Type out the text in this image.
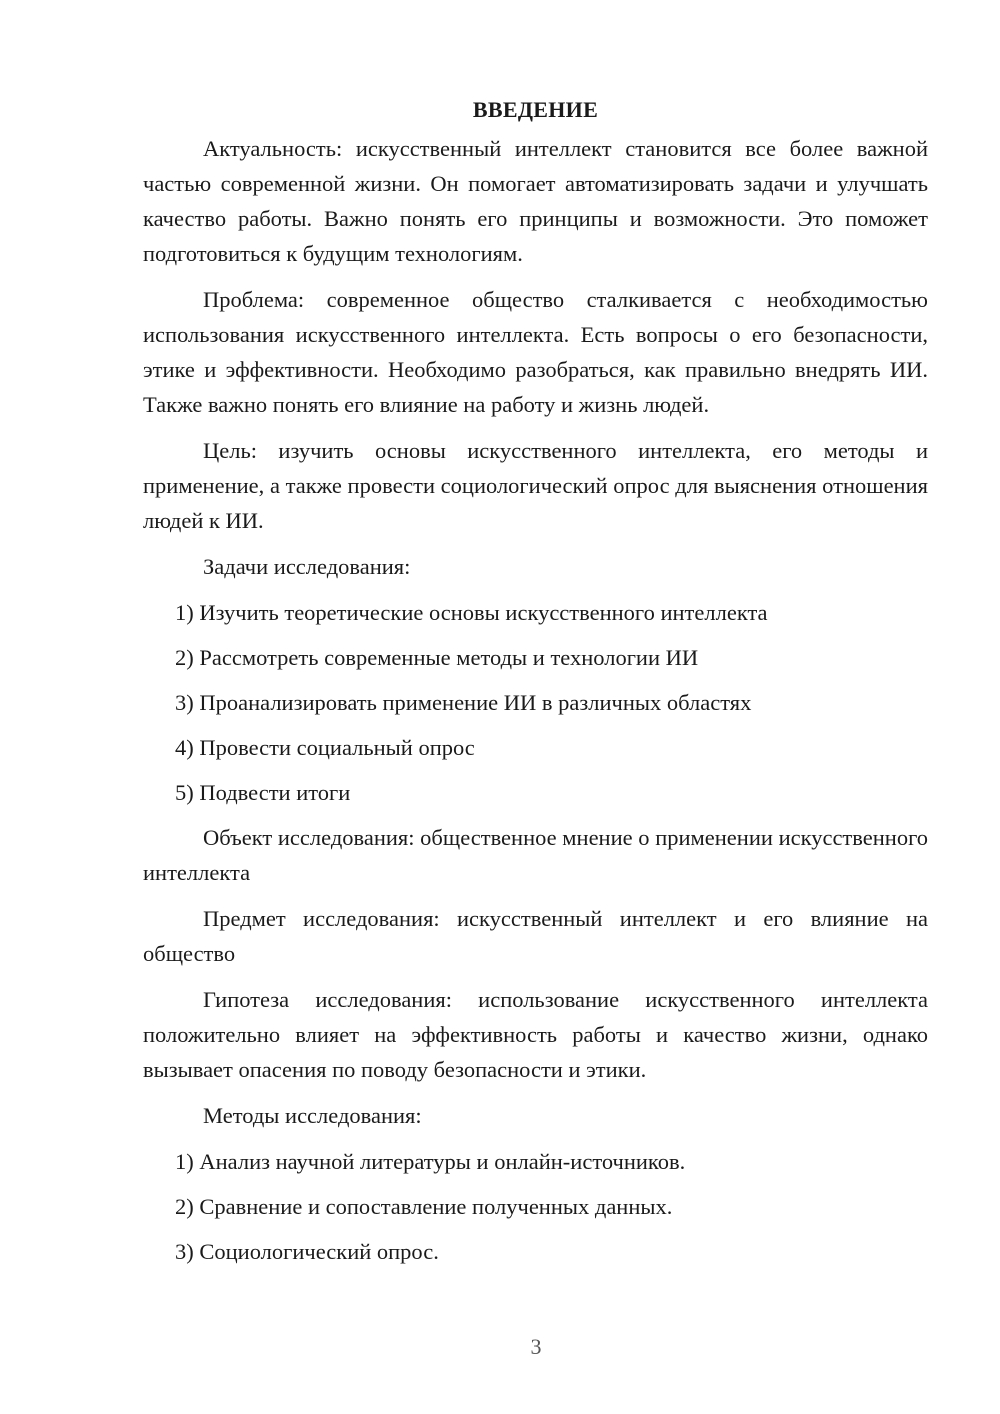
ВВЕДЕНИЕ

Актуальность: искусственный интеллект становится все более важной частью современной жизни. Он помогает автоматизировать задачи и улучшать качество работы. Важно понять его принципы и возможности. Это поможет подготовиться к будущим технологиям.

Проблема: современное общество сталкивается с необходимостью использования искусственного интеллекта. Есть вопросы о его безопасности, этике и эффективности. Необходимо разобраться, как правильно внедрять ИИ. Также важно понять его влияние на работу и жизнь людей.

Цель: изучить основы искусственного интеллекта, его методы и применение, а также провести социологический опрос для выяснения отношения людей к ИИ.

Задачи исследования:

1) Изучить теоретические основы искусственного интеллекта
2) Рассмотреть современные методы и технологии ИИ
3) Проанализировать применение ИИ в различных областях
4) Провести социальный опрос
5) Подвести итоги

Объект исследования: общественное мнение о применении искусственного интеллекта

Предмет исследования: искусственный интеллект и его влияние на общество

Гипотеза исследования: использование искусственного интеллекта положительно влияет на эффективность работы и качество жизни, однако вызывает опасения по поводу безопасности и этики.

Методы исследования:

1) Анализ научной литературы и онлайн-источников.
2) Сравнение и сопоставление полученных данных.
3) Социологический опрос.
3
